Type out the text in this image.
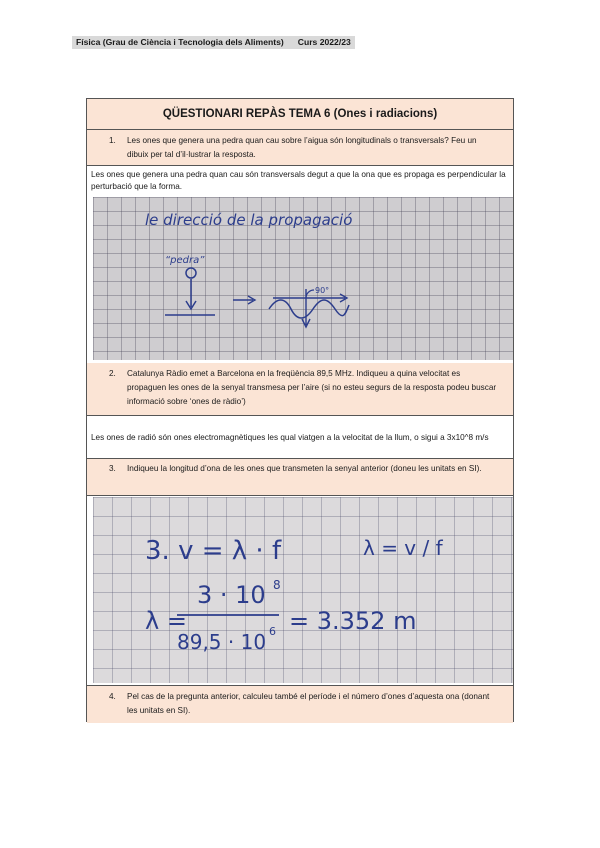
Física (Grau de Ciència i Tecnologia dels Aliments) Curs 2022/23
QÜESTIONARI REPÀS TEMA 6 (Ones i radiacions)
1. Les ones que genera una pedra quan cau sobre l’aigua són longitudinals o transversals? Feu un dibuix per tal d’il·lustrar la resposta.
Les ones que genera una pedra quan cau són transversals degut a que la ona que es propaga es perpendicular la perturbació que la forma.
le direcció de la propagació
“pedra”
90°
2. Catalunya Ràdio emet a Barcelona en la freqüència 89,5 MHz. Indiqueu a quina velocitat es propaguen les ones de la senyal transmesa per l’aire (si no esteu segurs de la resposta podeu buscar informació sobre ‘ones de ràdio’)
Les ones de radió són ones electromagnètiques les qual viatgen a la velocitat de la llum, o sigui a 3x10^8 m/s
3. Indiqueu la longitud d’ona de les ones que transmeten la senyal anterior (doneu les unitats en SI).
3. v = λ · f	λ = v / f
λ =
3 · 10 8
89,5 · 10 6 = 3.352 m
4. Pel cas de la pregunta anterior, calculeu també el període i el número d’ones d’aquesta ona (donant les unitats en SI).
